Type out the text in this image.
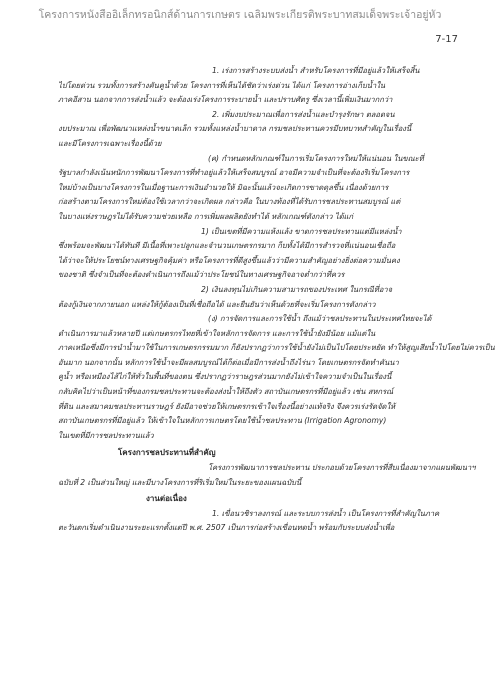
โครงการหนังสืออิเล็กทรอนิกส์ด้านการเกษตร เฉลิมพระเกียรติพระบาทสมเด็จพระเจ้าอยู่หัว
7-17
1. เร่งการสร้างระบบส่งน้ำ สำหรับโครงการที่มีอยู่แล้วให้เสร็จสิ้น
ไปโดยด่วน รวมทั้งการสร้างคันคูน้ำด้วย โครงการที่เห็นได้ชัดว่าเร่งด่วน ได้แก่ โครงการอ่างเก็บน้ำใน
ภาคอีสาน นอกจากการส่งน้ำแล้ว จะต้องเร่งโครงการระบายน้ำ และปราบศัตรู ซึ่งเวลานี้เพิ่มเงินมากกว่า
2. เพิ่มงบประมาณเพื่อการส่งน้ำและบำรุงรักษา ตลอดจน
งบประมาณ เพื่อพัฒนาแหล่งน้ำขนาดเล็ก รวมทั้งแหล่งน้ำบาดาล กรมชลประทานควรมีบทบาทสำคัญในเรื่องนี้
และมีโครงการเฉพาะเรื่องนี้ด้วย
(ค) กำหนดหลักเกณฑ์ในการเริ่มโครงการใหม่ให้แน่นอน ในขณะที่
รัฐบาลกำลังเน้นหนักการพัฒนาโครงการที่ทำอยู่แล้วให้เสร็จสมบูรณ์ อาจมีความจำเป็นที่จะต้องริเริ่มโครงการ
ใหม่บ้างเป็นบางโครงการในเมื่อฐานะการเงินอำนวยให้ มิฉะนั้นแล้วจะเกิดการขาดดุลขึ้น เนื่องด้วยการ
ก่อสร้างตามโครงการใหม่ต้องใช้เวลากว่าจะเกิดผล กล่าวคือ ในบางท้องที่ได้รับการชลประทานสมบูรณ์ แต่
ในบางแห่งราษฎรไม่ได้รับความช่วยเหลือ การเพิ่มผลผลิตยังทำได้ หลักเกณฑ์ดังกล่าว ได้แก่
1) เป็นเขตที่มีความแห้งแล้ง ขาดการชลประทานแต่มีแหล่งน้ำ
ซึ่งพร้อมจะพัฒนาได้ทันที มีเนื้อที่เพาะปลูกและจำนวนเกษตรกรมาก ก็บทั้งได้มีการสำรวจที่แน่นอนเชื่อถือ
ได้ว่าจะให้ประโยชน์ทางเศรษฐกิจคุ้มค่า หรือโครงการที่ดีสูงขึ้นแล้วว่ามีความสำคัญอย่างยิ่งต่อความมั่นคง
ของชาติ ซึ่งจำเป็นที่จะต้องดำเนินการถึงแม้ว่าประโยชน์ในทางเศรษฐกิจอาจต่ำกว่าที่ควร
2) เงินลงทุนไม่เกินความสามารถของประเทศ ในกรณีที่อาจ
ต้องกู้เงินจากภายนอก แหล่งให้กู้ต้องเป็นที่เชื่อถือได้ และยืนยันว่าเห็นด้วยที่จะเริ่มโครงการดังกล่าว
(ง) การจัดการและการใช้น้ำ ถึงแม้ว่าชลประทานในประเทศไทยจะได้
ดำเนินการมาแล้วหลายปี แต่เกษตรกรไทยที่เข้าใจหลักการจัดการ และการใช้น้ำยังมีน้อย แม้แต่ใน
ภาคเหนือซึ่งมีการนำน้ำมาใช้ในการเกษตรกรรมมาก ก็ยังปรากฏว่าการใช้น้ำยังไม่เป็นไปโดยประหยัด ทำให้สูญเสียน้ำไปโดยไม่ควรเป็น
อันมาก นอกจากนั้น หลักการใช้น้ำจะมีผลสมบูรณ์ได้ก็ต่อเมื่อมีการส่งน้ำถึงไร่นา โดยเกษตรกรจัดทำคันนา
คูน้ำ หรือเหมืองไส้ไก่ให้ทั่วในพื้นที่ของตน ซึ่งปรากฏว่าราษฎรส่วนมากยังไม่เข้าใจความจำเป็นในเรื่องนี้
กลับคิดไปว่าเป็นหน้าที่ของกรมชลประทานจะต้องส่งน้ำให้ถึงตัว สถาบันเกษตรกรที่มีอยู่แล้ว เช่น สหกรณ์
ที่ดิน และสมาคมชลประทานราษฎร์ ยังมีอาจช่วยให้เกษตรกรเข้าใจเรื่องนี้อย่างแท้จริง จึงควรเร่งรัดจัดให้
สถาบันเกษตรกรที่มีอยู่แล้ว ให้เข้าใจในหลักการเกษตรโดยใช้น้ำชลประทาน (Irrigation Agronomy)
ในเขตที่มีการชลประทานแล้ว
โครงการชลประทานที่สำคัญ
โครงการพัฒนาการชลประทาน ประกอบด้วยโครงการที่สืบเนื่องมาจากแผนพัฒนาฯ
ฉบับที่ 2 เป็นส่วนใหญ่ และมีบางโครงการที่ริเริ่มใหม่ในระยะของแผนฉบับนี้
งานต่อเนื่อง
1. เขื่อนวชิราลงกรณ์ และระบบการส่งน้ำ เป็นโครงการที่สำคัญในภาค
ตะวันตกเริ่มดำเนินงานระยะแรกตั้งแต่ปี พ.ศ. 2507 เป็นการก่อสร้างเขื่อนทดน้ำ พร้อมกับระบบส่งน้ำเพื่อ
